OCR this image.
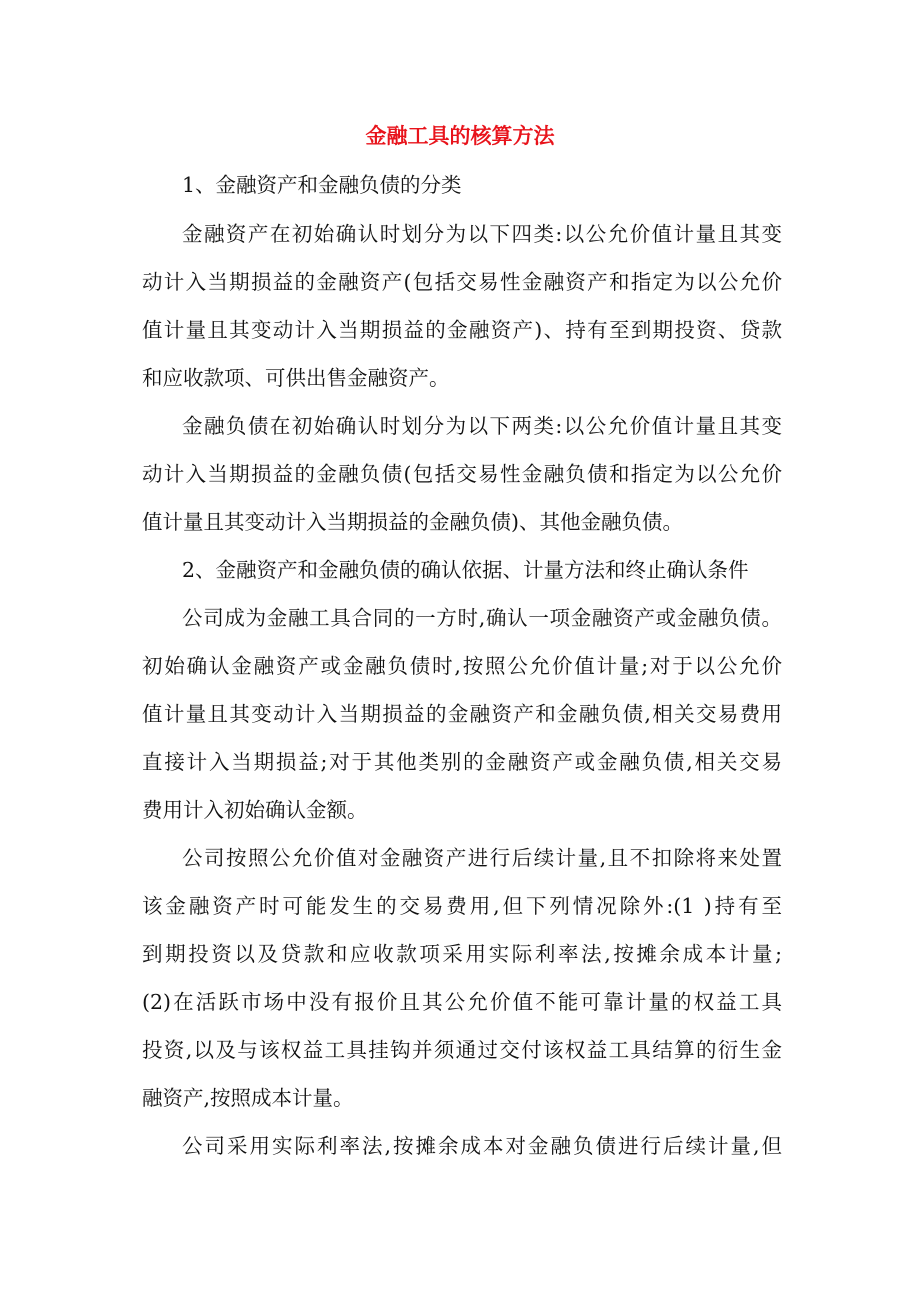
金融工具的核算方法
1、金融资产和金融负债的分类
金融资产在初始确认时划分为以下四类:以公允价值计量且其变
动计入当期损益的金融资产(包括交易性金融资产和指定为以公允价
值计量且其变动计入当期损益的金融资产)、持有至到期投资、贷款
和应收款项、可供出售金融资产。
金融负债在初始确认时划分为以下两类:以公允价值计量且其变
动计入当期损益的金融负债(包括交易性金融负债和指定为以公允价
值计量且其变动计入当期损益的金融负债)、其他金融负债。
2、金融资产和金融负债的确认依据、计量方法和终止确认条件
公司成为金融工具合同的一方时,确认一项金融资产或金融负债。
初始确认金融资产或金融负债时,按照公允价值计量;对于以公允价
值计量且其变动计入当期损益的金融资产和金融负债,相关交易费用
直接计入当期损益;对于其他类别的金融资产或金融负债,相关交易
费用计入初始确认金额。
公司按照公允价值对金融资产进行后续计量,且不扣除将来处置
该金融资产时可能发生的交易费用,但下列情况除外:(1 )持有至
到期投资以及贷款和应收款项采用实际利率法,按摊余成本计量;
(2)在活跃市场中没有报价且其公允价值不能可靠计量的权益工具
投资,以及与该权益工具挂钩并须通过交付该权益工具结算的衍生金
融资产,按照成本计量。
公司采用实际利率法,按摊余成本对金融负债进行后续计量,但
